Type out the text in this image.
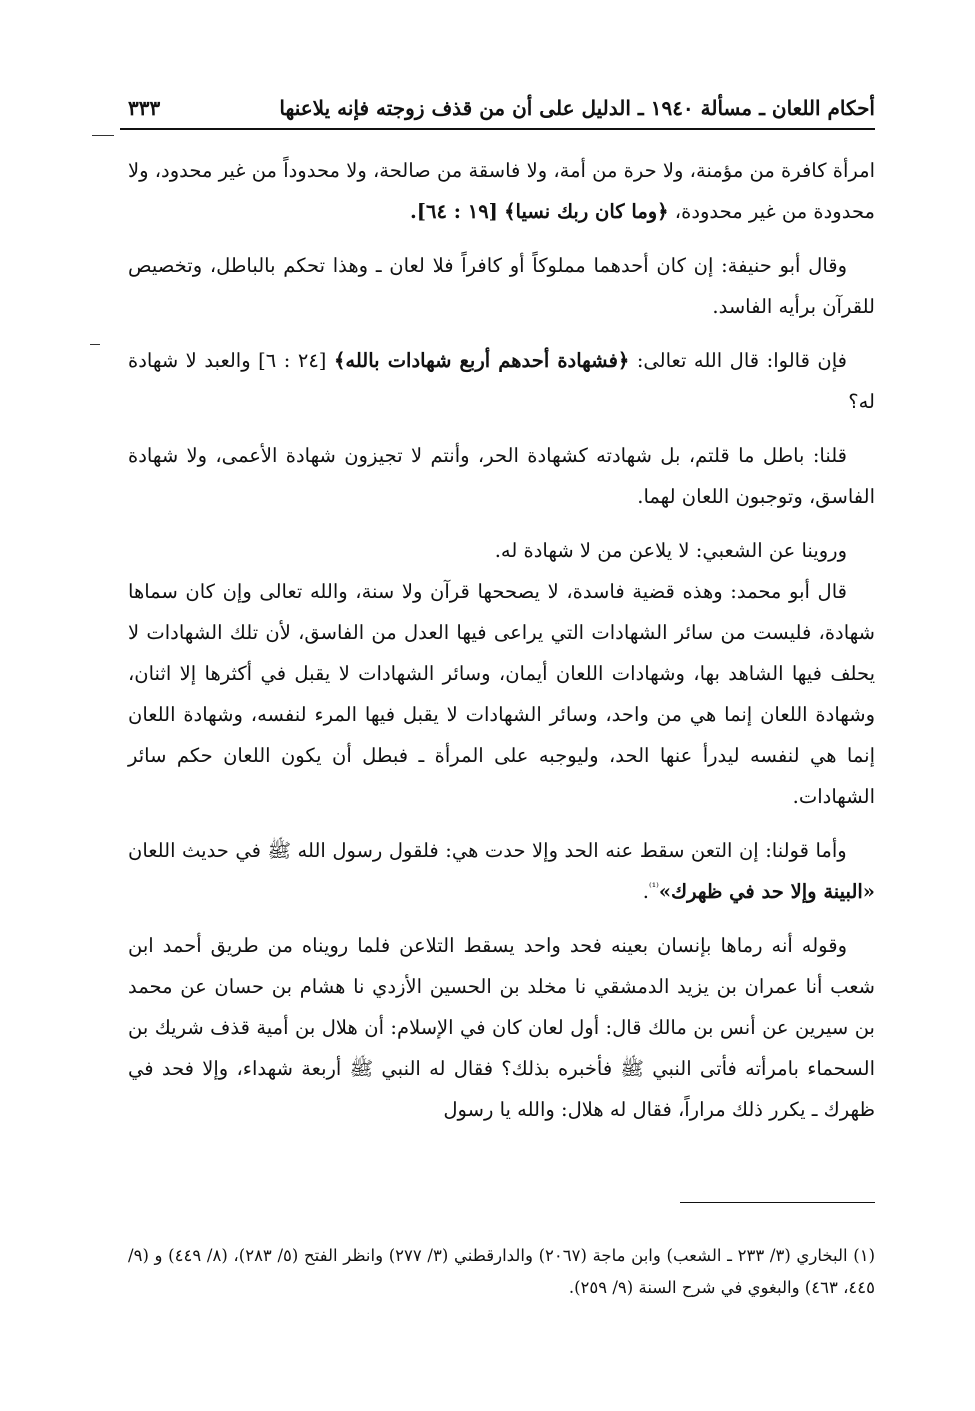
أحكام اللعان ـ مسألة ١٩٤٠ ـ الدليل على أن من قذف زوجته فإنه يلاعنها
٣٣٣

امرأة كافرة من مؤمنة، ولا حرة من أمة، ولا فاسقة من صالحة، ولا محدوداً من غير محدود، ولا محدودة من غير محدودة، ﴿وما كان ربك نسيا﴾ [١٩ : ٦٤].

وقال أبو حنيفة: إن كان أحدهما مملوكاً أو كافراً فلا لعان ـ وهذا تحكم بالباطل، وتخصيص للقرآن برأيه الفاسد.

فإن قالوا: قال الله تعالى: ﴿فشهادة أحدهم أربع شهادات بالله﴾ [٢٤ : ٦] والعبد لا شهادة له؟

قلنا: باطل ما قلتم، بل شهادته كشهادة الحر، وأنتم لا تجيزون شهادة الأعمى، ولا شهادة الفاسق، وتوجبون اللعان لهما.

وروينا عن الشعبي: لا يلاعن من لا شهادة له.

قال أبو محمد: وهذه قضية فاسدة، لا يصححها قرآن ولا سنة، والله تعالى وإن كان سماها شهادة، فليست من سائر الشهادات التي يراعى فيها العدل من الفاسق، لأن تلك الشهادات لا يحلف فيها الشاهد بها، وشهادات اللعان أيمان، وسائر الشهادات لا يقبل في أكثرها إلا اثنان، وشهادة اللعان إنما هي من واحد، وسائر الشهادات لا يقبل فيها المرء لنفسه، وشهادة اللعان إنما هي لنفسه ليدرأ عنها الحد، وليوجبه على المرأة ـ فبطل أن يكون اللعان حكم سائر الشهادات.

وأما قولنا: إن التعن سقط عنه الحد وإلا حدت هي: فلقول رسول الله ﷺ في حديث اللعان «البينة وإلا حد في ظهرك»$^{^{(1)}}$.

وقوله أنه رماها بإنسان بعينه فحد واحد يسقط التلاعن فلما رويناه من طريق أحمد ابن شعب أنا عمران بن يزيد الدمشقي نا مخلد بن الحسين الأزدي نا هشام بن حسان عن محمد بن سيرين عن أنس بن مالك قال: أول لعان كان في الإسلام: أن هلال بن أمية قذف شريك بن السحماء بامرأته فأتى النبي ﷺ فأخبره بذلك؟ فقال له النبي ﷺ أربعة شهداء، وإلا فحد في ظهرك ـ يكرر ذلك مراراً، فقال له هلال: والله يا رسول

(١) البخاري (٣/ ٢٣٣ ـ الشعب) وابن ماجة (٢٠٦٧) والدارقطني (٣/ ٢٧٧) وانظر الفتح (٥/ ٢٨٣)، (٨/ ٤٤٩) و (٩/ ٤٤٥، ٤٦٣) والبغوي في شرح السنة (٩/ ٢٥٩).
